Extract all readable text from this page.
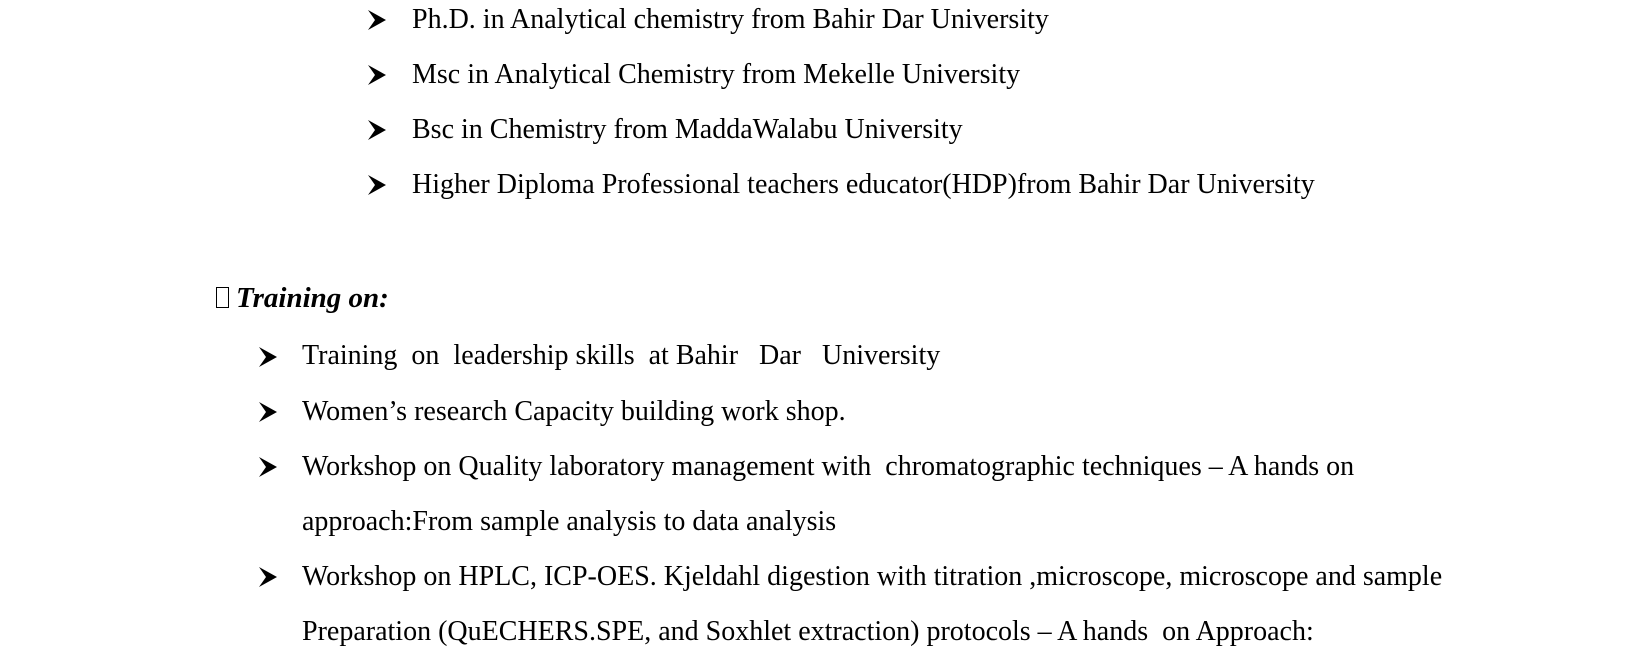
Ph.D. in Analytical chemistry from Bahir Dar University
Msc in Analytical Chemistry from Mekelle University
Bsc in Chemistry from MaddaWalabu University
Higher Diploma Professional teachers educator(HDP)from Bahir Dar University
Training on:
Training  on  leadership skills  at Bahir   Dar   University
Women’s research Capacity building work shop.
Workshop on Quality laboratory management with  chromatographic techniques – A hands on
approach:From sample analysis to data analysis
Workshop on HPLC, ICP-OES. Kjeldahl digestion with titration ,microscope, microscope and sample
Preparation (QuECHERS.SPE, and Soxhlet extraction) protocols – A hands  on Approach:
